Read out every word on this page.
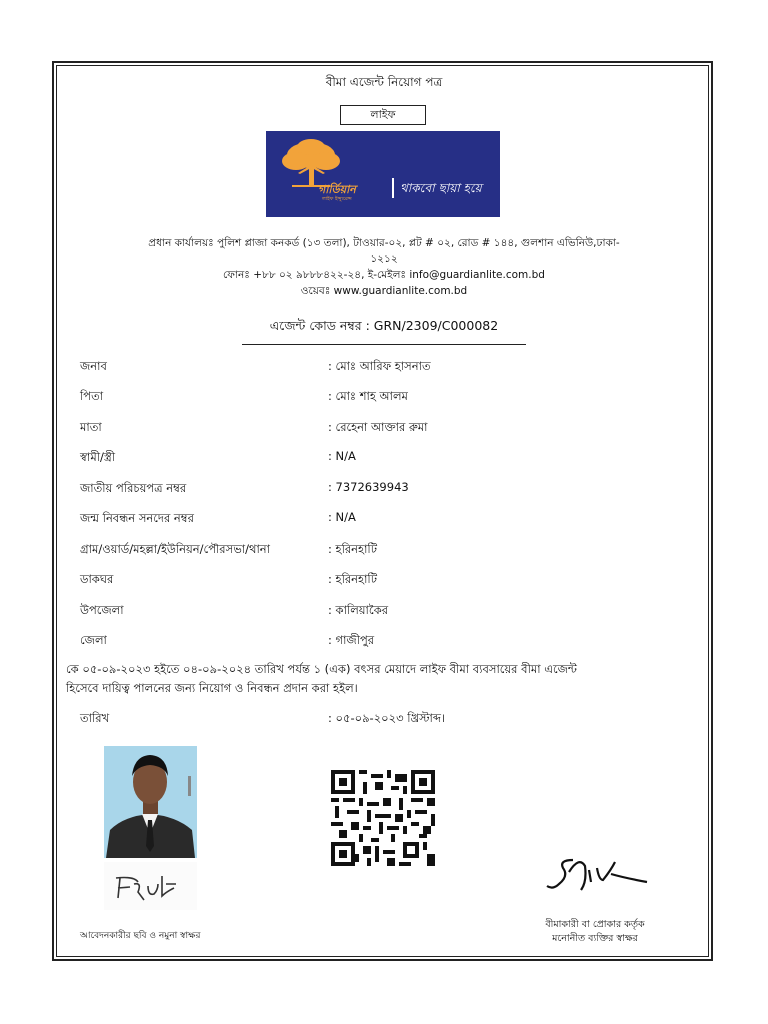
বীমা এজেন্ট নিয়োগ পত্র
লাইফ
গার্ডিয়ান
লাইফ ইন্স্যুরেন্স
থাকবো ছায়া হয়ে
প্রধান কার্যালয়ঃ পুলিশ প্লাজা কনকর্ড (১৩ তলা), টাওয়ার-০২, প্লট # ০২, রোড # ১৪৪, গুলশান এভিনিউ,ঢাকা-
১২১২
ফোনঃ +৮৮ ০২ ৯৮৮৮৪২২-২৪, ই-মেইলঃ info@guardianlite.com.bd
ওয়েবঃ www.guardianlite.com.bd
এজেন্ট কোড নম্বর : GRN/2309/C000082
জনাব	: মোঃ আরিফ হাসনাত
পিতা	: মোঃ শাহ আলম
মাতা	: রেহেনা আক্তার রুমা
স্বামী/স্ত্রী	: N/A
জাতীয় পরিচয়পত্র নম্বর	: 7372639943
জন্ম নিবন্ধন সনদের নম্বর	: N/A
গ্রাম/ওয়ার্ড/মহল্লা/ইউনিয়ন/পৌরসভা/থানা	: হরিনহাটি
ডাকঘর	: হরিনহাটি
উপজেলা	: কালিয়াকৈর
জেলা	: গাজীপুর
কে ০৫-০৯-২০২৩ হইতে ০৪-০৯-২০২৪ তারিখ পর্যন্ত ১ (এক) বৎসর মেয়াদে লাইফ বীমা ব্যবসায়ের বীমা এজেন্ট
হিসেবে দায়িত্ব পালনের জন্য নিয়োগ ও নিবন্ধন প্রদান করা হইল।
তারিখ	: ০৫-০৯-২০২৩ খ্রিস্টাব্দ।
আবেদনকারীর ছবি ও নমুনা স্বাক্ষর
বীমাকারী বা প্রোকার কর্তৃক
মনোনীত ব্যক্তির স্বাক্ষর
